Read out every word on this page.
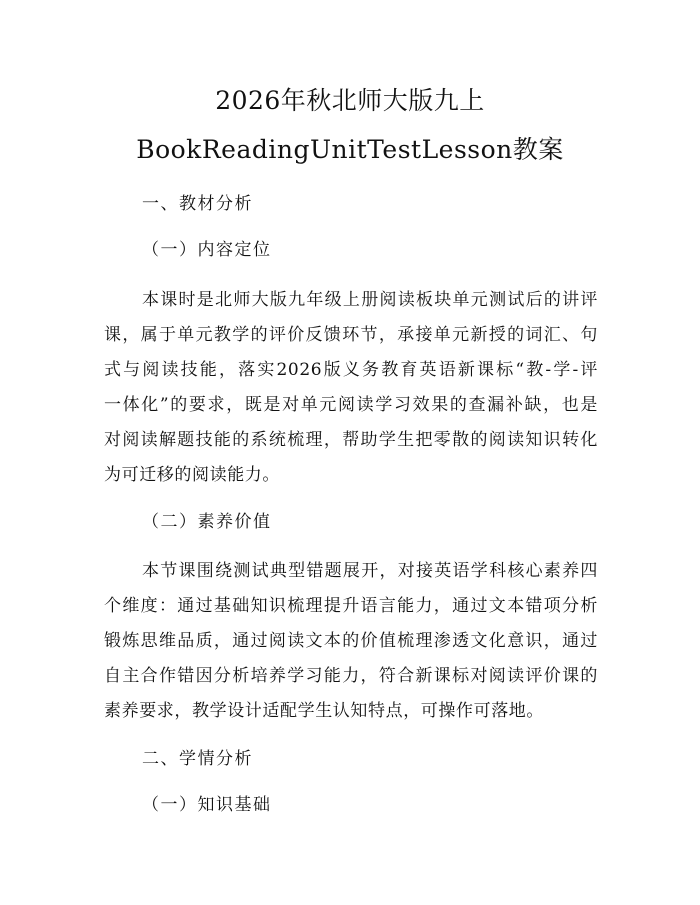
2026年秋北师大版九上
BookReadingUnitTestLesson教案
一、教材分析
（一）内容定位
本课时是北师大版九年级上册阅读板块单元测试后的讲评
课，属于单元教学的评价反馈环节，承接单元新授的词汇、句
式与阅读技能，落实2026版义务教育英语新课标“教-学-评
一体化”的要求，既是对单元阅读学习效果的查漏补缺，也是
对阅读解题技能的系统梳理，帮助学生把零散的阅读知识转化
为可迁移的阅读能力。
（二）素养价值
本节课围绕测试典型错题展开，对接英语学科核心素养四
个维度：通过基础知识梳理提升语言能力，通过文本错项分析
锻炼思维品质，通过阅读文本的价值梳理渗透文化意识，通过
自主合作错因分析培养学习能力，符合新课标对阅读评价课的
素养要求，教学设计适配学生认知特点，可操作可落地。
二、学情分析
（一）知识基础
